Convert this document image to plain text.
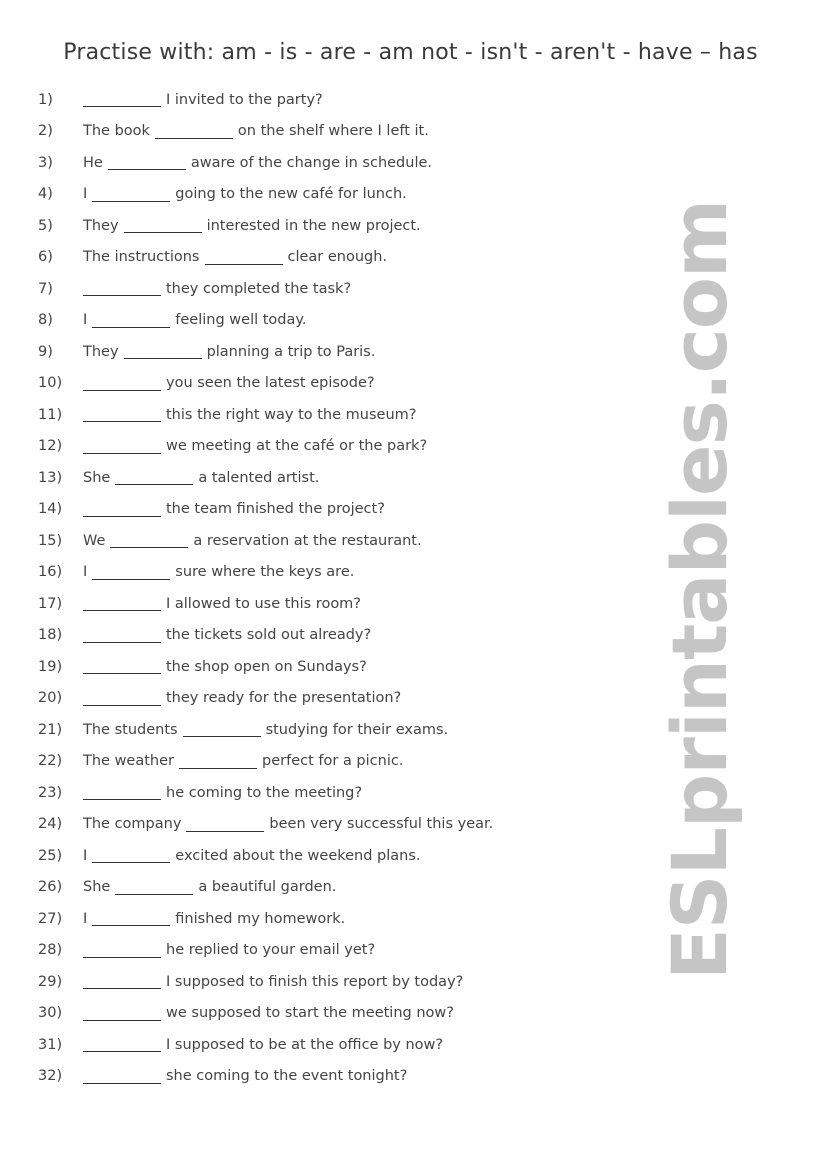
Practise with: am - is - are - am not - isn't - aren't - have – has
1)	I invited to the party?
2)	The book	on the shelf where I left it.
3)	He	aware of the change in schedule.
4)	I	going to the new café for lunch.
5)	They	interested in the new project.
6)	The instructions	clear enough.
7)	they completed the task?
8)	I	feeling well today.
9)	They	planning a trip to Paris.
10)	you seen the latest episode?
11)	this the right way to the museum?
12)	we meeting at the café or the park?
13)	She	a talented artist.
14)	the team finished the project?
15)	We	a reservation at the restaurant.
16)	I	sure where the keys are.
17)	I allowed to use this room?
18)	the tickets sold out already?
19)	the shop open on Sundays?
20)	they ready for the presentation?
21)	The students	studying for their exams.
22)	The weather	perfect for a picnic.
23)	he coming to the meeting?
24)	The company	been very successful this year.
25)	I	excited about the weekend plans.
26)	She	a beautiful garden.
27)	I	finished my homework.
28)	he replied to your email yet?
29)	I supposed to finish this report by today?
30)	we supposed to start the meeting now?
31)	I supposed to be at the office by now?
32)	she coming to the event tonight?
ESLprintables.com
